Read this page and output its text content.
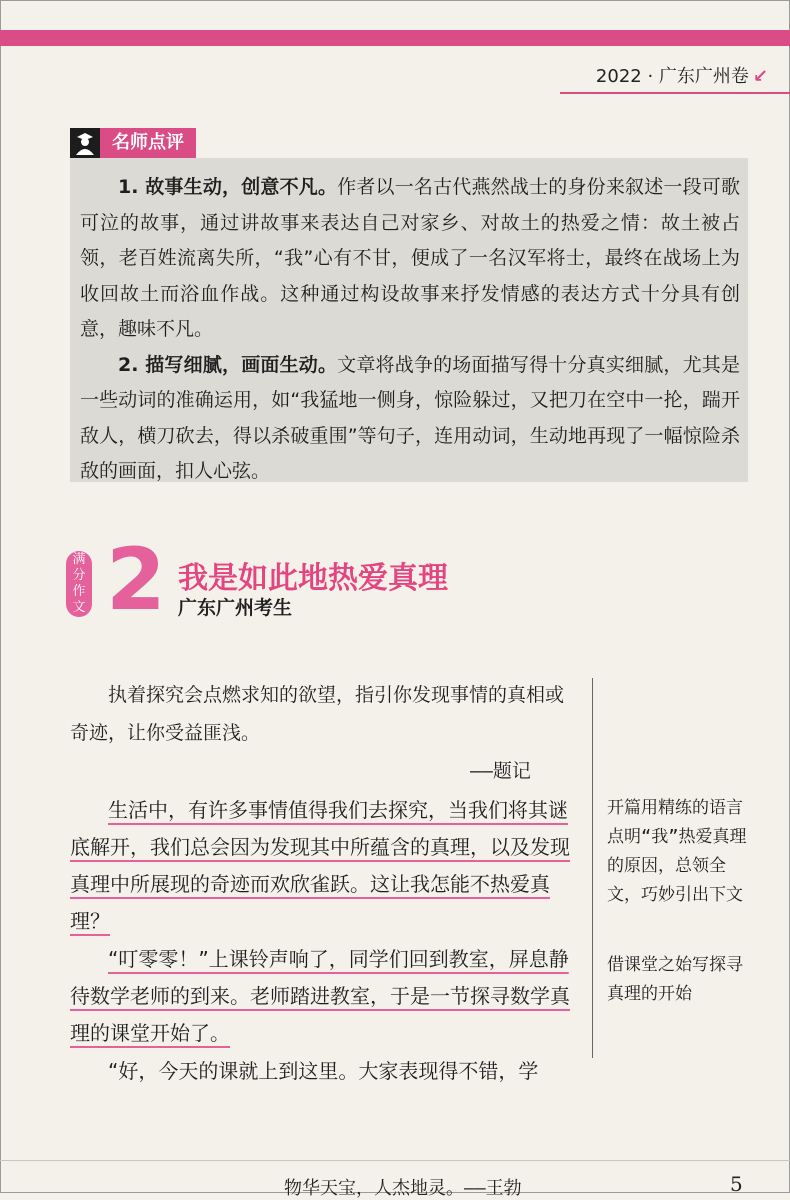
2022 · 广东广州卷 ↙
名师点评

1. 故事生动，创意不凡。作者以一名古代燕然战士的身份来叙述一段可歌可泣的故事，通过讲故事来表达自己对家乡、对故土的热爱之情：故土被占领，老百姓流离失所，“我”心有不甘，便成了一名汉军将士，最终在战场上为收回故土而浴血作战。这种通过构设故事来抒发情感的表达方式十分具有创意，趣味不凡。

2. 描写细腻，画面生动。文章将战争的场面描写得十分真实细腻，尤其是一些动词的准确运用，如“我猛地一侧身，惊险躲过，又把刀在空中一抡，踹开敌人，横刀砍去，得以杀破重围”等句子，连用动词，生动地再现了一幅惊险杀敌的画面，扣人心弦。

满
分
作
文 2 我是如此地热爱真理
广东广州考生

执着探究会点燃求知的欲望，指引你发现事情的真相或奇迹，让你受益匪浅。

——题记

生活中，有许多事情值得我们去探究，当我们将其谜底解开，我们总会因为发现其中所蕴含的真理，以及发现真理中所展现的奇迹而欢欣雀跃。这让我怎能不热爱真理？

“叮零零！”上课铃声响了，同学们回到教室，屏息静待数学老师的到来。老师踏进教室，于是一节探寻数学真理的课堂开始了。

“好，今天的课就上到这里。大家表现得不错，学

开篇用精练的语言点明“我”热爱真理的原因，总领全文，巧妙引出下文
借课堂之始写探寻真理的开始
物华天宝，人杰地灵。——王勃	5
